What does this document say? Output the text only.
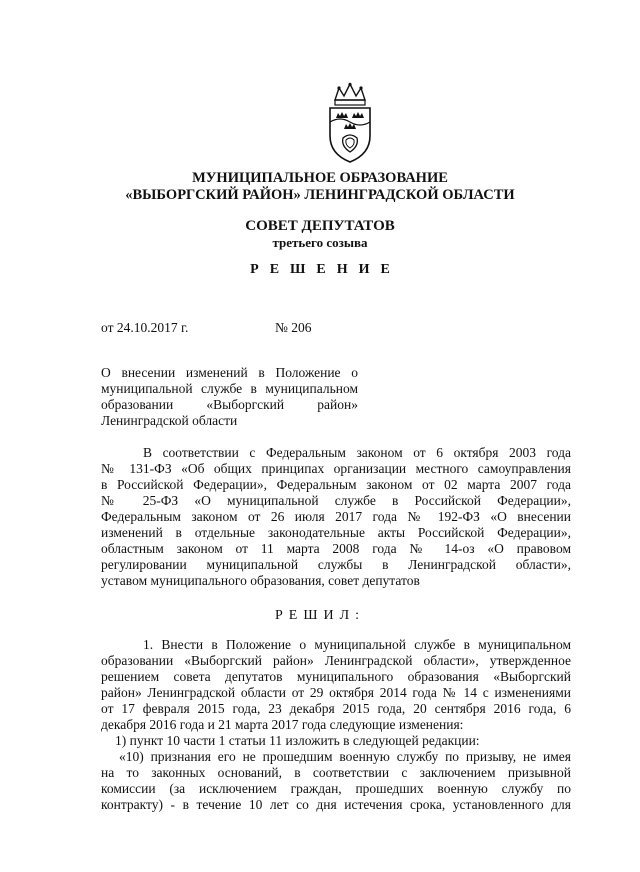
МУНИЦИПАЛЬНОЕ ОБРАЗОВАНИЕ
«ВЫБОРГСКИЙ РАЙОН» ЛЕНИНГРАДСКОЙ ОБЛАСТИ
СОВЕТ ДЕПУТАТОВ
третьего созыва
РЕШЕНИЕ
от 24.10.2017 г.	№ 206
О внесении изменений в Положение о
муниципальной службе в муниципальном
образовании «Выборгский район»
Ленинградской области
В соответствии с Федеральным законом от 6 октября 2003 года
№ 131-ФЗ «Об общих принципах организации местного самоуправления
в Российской Федерации», Федеральным законом от 02 марта 2007 года
№ 25-ФЗ «О муниципальной службе в Российской Федерации»,
Федеральным законом от 26 июля 2017 года № 192-ФЗ «О внесении
изменений в отдельные законодательные акты Российской Федерации»,
областным законом от 11 марта 2008 года № 14-оз «О правовом
регулировании муниципальной службы в Ленинградской области»,
уставом муниципального образования, совет депутатов
РЕШИЛ:
1. Внести в Положение о муниципальной службе в муниципальном
образовании «Выборгский район» Ленинградской области», утвержденное
решением совета депутатов муниципального образования «Выборгский
район» Ленинградской области от 29 октября 2014 года № 14 с изменениями
от 17 февраля 2015 года, 23 декабря 2015 года, 20 сентября 2016 года, 6
декабря 2016 года и 21 марта 2017 года следующие изменения:
1) пункт 10 части 1 статьи 11 изложить в следующей редакции:
«10) признания его не прошедшим военную службу по призыву, не имея
на то законных оснований, в соответствии с заключением призывной
комиссии (за исключением граждан, прошедших военную службу по
контракту) - в течение 10 лет со дня истечения срока, установленного для
